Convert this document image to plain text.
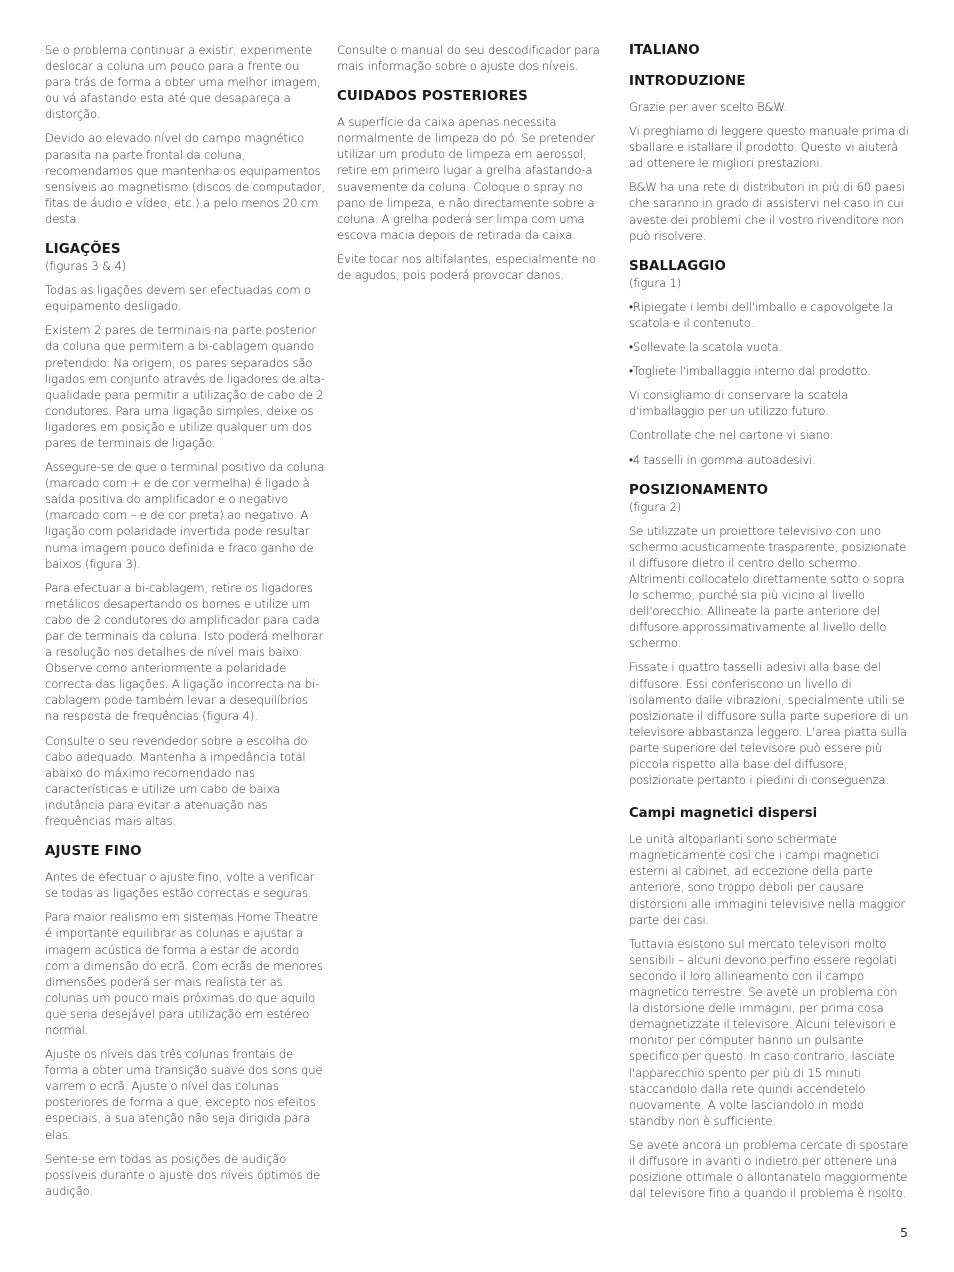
Se o problema continuar a existir, experimente deslocar a coluna um pouco para a frente ou para trás de forma a obter uma melhor imagem, ou vá afastando esta até que desapareça a distorção.

Devido ao elevado nível do campo magnético parasita na parte frontal da coluna, recomendamos que mantenha os equipamentos sensíveis ao magnetismo (discos de computador, fitas de áudio e vídeo, etc.) a pelo menos 20 cm desta.

LIGAÇÕES

(figuras 3 & 4)

Todas as ligações devem ser efectuadas com o equipamento desligado.

Existem 2 pares de terminais na parte posterior da coluna que permitem a bi-cablagem quando pretendido. Na origem, os pares separados são ligados em conjunto através de ligadores de alta-qualidade para permitir a utilização de cabo de 2 condutores. Para uma ligação simples, deixe os ligadores em posição e utilize qualquer um dos pares de terminais de ligação.

Assegure-se de que o terminal positivo da coluna (marcado com + e de cor vermelha) é ligado à saída positiva do amplificador e o negativo (marcado com – e de cor preta) ao negativo. A ligação com polaridade invertida pode resultar numa imagem pouco definida e fraco ganho de baixos (figura 3).

Para efectuar a bi-cablagem, retire os ligadores metálicos desapertando os bornes e utilize um cabo de 2 condutores do amplificador para cada par de terminais da coluna. Isto poderá melhorar a resolução nos detalhes de nível mais baixo. Observe como anteriormente a polaridade correcta das ligações. A ligação incorrecta na bi-cablagem pode também levar a desequilíbrios na resposta de frequências (figura 4).

Consulte o seu revendedor sobre a escolha do cabo adequado. Mantenha a impedância total abaixo do máximo recomendado nas características e utilize um cabo de baixa indutância para evitar a atenuação nas frequências mais altas.

AJUSTE FINO

Antes de efectuar o ajuste fino, volte a verificar se todas as ligações estão correctas e seguras.

Para maior realismo em sistemas Home Theatre é importante equilibrar as colunas e ajustar a imagem acústica de forma a estar de acordo com a dimensão do ecrã. Com ecrãs de menores dimensões poderá ser mais realista ter as colunas um pouco mais próximas do que aquilo que seria desejável para utilização em estéreo normal.

Ajuste os níveis das três colunas frontais de forma a obter uma transição suave dos sons que varrem o ecrã. Ajuste o nível das colunas posteriores de forma a que, excepto nos efeitos especiais, a sua atenção não seja dirigida para elas.

Sente-se em todas as posições de audição possíveis durante o ajuste dos níveis óptimos de audição.

Consulte o manual do seu descodificador para mais informação sobre o ajuste dos níveis.

CUIDADOS POSTERIORES

A superfície da caixa apenas necessita normalmente de limpeza do pó. Se pretender utilizar um produto de limpeza em aerossol, retire em primeiro lugar a grelha afastando-a suavemente da coluna. Coloque o spray no pano de limpeza, e não directamente sobre a coluna. A grelha poderá ser limpa com uma escova macia depois de retirada da caixa.

Evite tocar nos altifalantes, especialmente no de agudos, pois poderá provocar danos.

ITALIANO
INTRODUZIONE

Grazie per aver scelto B&W.

Vi preghiamo di leggere questo manuale prima di sballare e istallare il prodotto. Questo vi aiuterà ad ottenere le migliori prestazioni.

B&W ha una rete di distributori in più di 60 paesi che saranno in grado di assistervi nel caso in cui aveste dei problemi che il vostro rivenditore non può risolvere.

SBALLAGGIO

(figura 1)

•Ripiegate i lembi dell'imballo e capovolgete la scatola e il contenuto.

•Sollevate la scatola vuota.

•Togliete l'imballaggio interno dal prodotto.

Vi consigliamo di conservare la scatola d'imballaggio per un utilizzo futuro.

Controllate che nel cartone vi siano:

•4 tasselli in gomma autoadesivi.

POSIZIONAMENTO

(figura 2)

Se utilizzate un proiettore televisivo con uno schermo acusticamente trasparente, posizionate il diffusore dietro il centro dello schermo. Altrimenti collocatelo direttamente sotto o sopra lo schermo, purché sia più vicino al livello dell'orecchio. Allineate la parte anteriore del diffusore approssimativamente al livello dello schermo.

Fissate i quattro tasselli adesivi alla base del diffusore. Essi conferiscono un livello di isolamento dalle vibrazioni, specialmente utili se posizionate il diffusore sulla parte superiore di un televisore abbastanza leggero. L'area piatta sulla parte superiore del televisore può essere più piccola rispetto alla base del diffusore, posizionate pertanto i piedini di conseguenza.

Campi magnetici dispersi

Le unità altoparlanti sono schermate magneticamente così che i campi magnetici esterni al cabinet, ad eccezione della parte anteriore, sono troppo deboli per causare distorsioni alle immagini televisive nella maggior parte dei casi.

Tuttavia esistono sul mercato televisori molto sensibili – alcuni devono perfino essere regolati secondo il loro allineamento con il campo magnetico terrestre. Se avete un problema con la distorsione delle immagini, per prima cosa demagnetizzate il televisore. Alcuni televisori e monitor per computer hanno un pulsante specifico per questo. In caso contrario, lasciate l'apparecchio spento per più di 15 minuti staccandolo dalla rete quindi accendetelo nuovamente. A volte lasciandolo in modo standby non è sufficiente.

Se avete ancora un problema cercate di spostare il diffusore in avanti o indietro per ottenere una posizione ottimale o allontanatelo maggiormente dal televisore fino a quando il problema è risolto.

5
